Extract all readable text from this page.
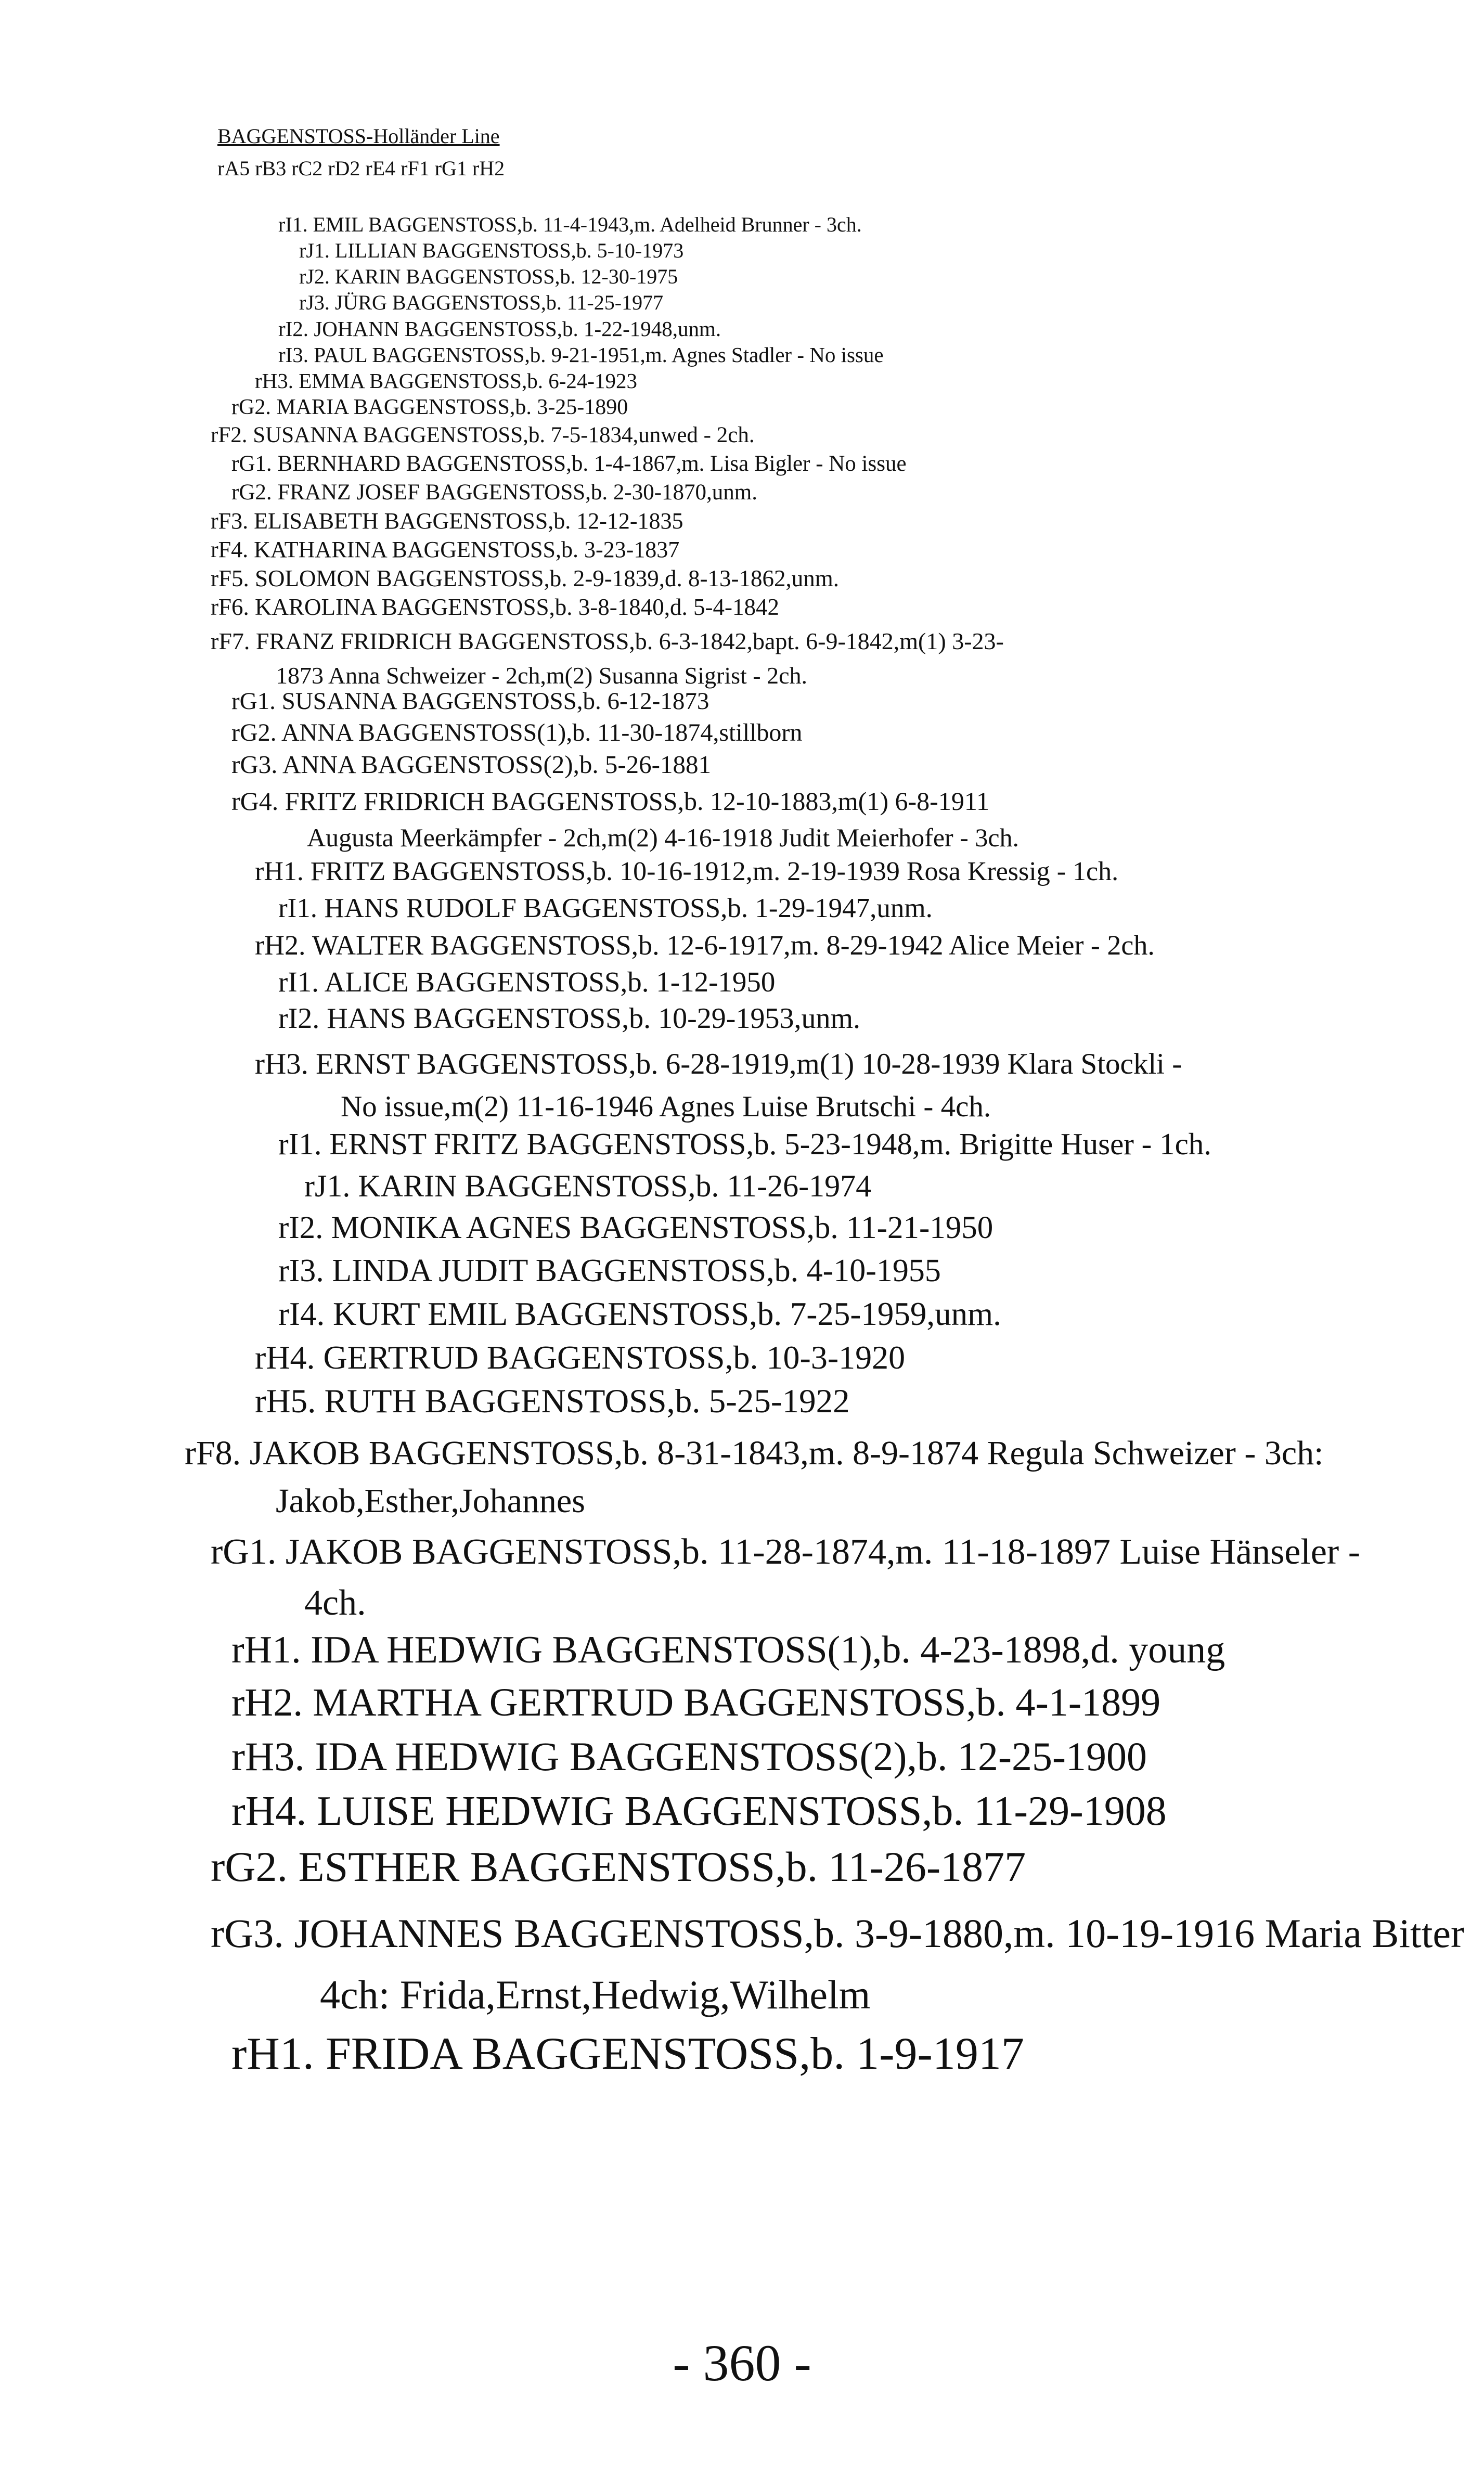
BAGGENSTOSS-Holländer Line
rA5 rB3 rC2 rD2 rE4 rF1 rG1 rH2
rI1. EMIL BAGGENSTOSS,b. 11-4-1943,m. Adelheid Brunner - 3ch.
rJ1. LILLIAN BAGGENSTOSS,b. 5-10-1973
rJ2. KARIN BAGGENSTOSS,b. 12-30-1975
rJ3. JÜRG BAGGENSTOSS,b. 11-25-1977
rI2. JOHANN BAGGENSTOSS,b. 1-22-1948,unm.
rI3. PAUL BAGGENSTOSS,b. 9-21-1951,m. Agnes Stadler - No issue
rH3. EMMA BAGGENSTOSS,b. 6-24-1923
rG2. MARIA BAGGENSTOSS,b. 3-25-1890
rF2. SUSANNA BAGGENSTOSS,b. 7-5-1834,unwed - 2ch.
rG1. BERNHARD BAGGENSTOSS,b. 1-4-1867,m. Lisa Bigler - No issue
rG2. FRANZ JOSEF BAGGENSTOSS,b. 2-30-1870,unm.
rF3. ELISABETH BAGGENSTOSS,b. 12-12-1835
rF4. KATHARINA BAGGENSTOSS,b. 3-23-1837
rF5. SOLOMON BAGGENSTOSS,b. 2-9-1839,d. 8-13-1862,unm.
rF6. KAROLINA BAGGENSTOSS,b. 3-8-1840,d. 5-4-1842
rF7. FRANZ FRIDRICH BAGGENSTOSS,b. 6-3-1842,bapt. 6-9-1842,m(1) 3-23-
1873 Anna Schweizer - 2ch,m(2) Susanna Sigrist - 2ch.
rG1. SUSANNA BAGGENSTOSS,b. 6-12-1873
rG2. ANNA BAGGENSTOSS(1),b. 11-30-1874,stillborn
rG3. ANNA BAGGENSTOSS(2),b. 5-26-1881
rG4. FRITZ FRIDRICH BAGGENSTOSS,b. 12-10-1883,m(1) 6-8-1911
Augusta Meerkämpfer - 2ch,m(2) 4-16-1918 Judit Meierhofer - 3ch.
rH1. FRITZ BAGGENSTOSS,b. 10-16-1912,m. 2-19-1939 Rosa Kressig - 1ch.
rI1. HANS RUDOLF BAGGENSTOSS,b. 1-29-1947,unm.
rH2. WALTER BAGGENSTOSS,b. 12-6-1917,m. 8-29-1942 Alice Meier - 2ch.
rI1. ALICE BAGGENSTOSS,b. 1-12-1950
rI2. HANS BAGGENSTOSS,b. 10-29-1953,unm.
rH3. ERNST BAGGENSTOSS,b. 6-28-1919,m(1) 10-28-1939 Klara Stockli -
No issue,m(2) 11-16-1946 Agnes Luise Brutschi - 4ch.
rI1. ERNST FRITZ BAGGENSTOSS,b. 5-23-1948,m. Brigitte Huser - 1ch.
rJ1. KARIN BAGGENSTOSS,b. 11-26-1974
rI2. MONIKA AGNES BAGGENSTOSS,b. 11-21-1950
rI3. LINDA JUDIT BAGGENSTOSS,b. 4-10-1955
rI4. KURT EMIL BAGGENSTOSS,b. 7-25-1959,unm.
rH4. GERTRUD BAGGENSTOSS,b. 10-3-1920
rH5. RUTH BAGGENSTOSS,b. 5-25-1922
rF8. JAKOB BAGGENSTOSS,b. 8-31-1843,m. 8-9-1874 Regula Schweizer - 3ch:
Jakob,Esther,Johannes
rG1. JAKOB BAGGENSTOSS,b. 11-28-1874,m. 11-18-1897 Luise Hänseler -
4ch.
rH1. IDA HEDWIG BAGGENSTOSS(1),b. 4-23-1898,d. young
rH2. MARTHA GERTRUD BAGGENSTOSS,b. 4-1-1899
rH3. IDA HEDWIG BAGGENSTOSS(2),b. 12-25-1900
rH4. LUISE HEDWIG BAGGENSTOSS,b. 11-29-1908
rG2. ESTHER BAGGENSTOSS,b. 11-26-1877
rG3. JOHANNES BAGGENSTOSS,b. 3-9-1880,m. 10-19-1916 Maria Bitter
4ch: Frida,Ernst,Hedwig,Wilhelm
rH1. FRIDA BAGGENSTOSS,b. 1-9-1917
- 360 -
